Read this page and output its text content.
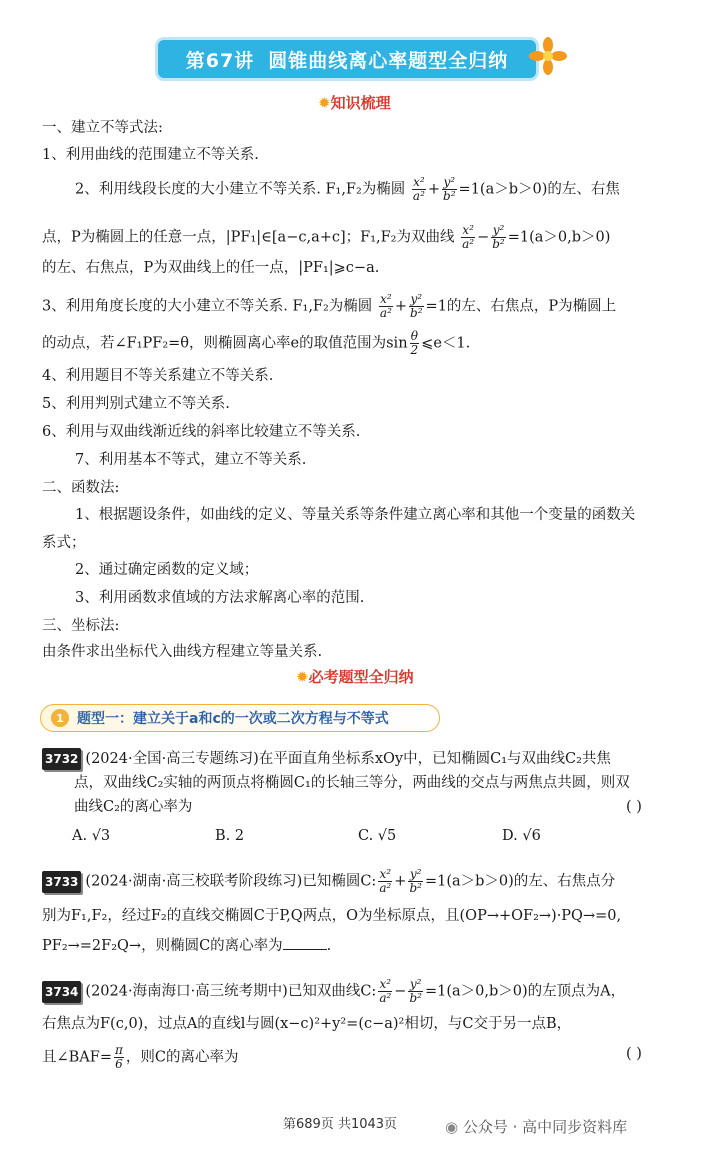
第67讲 圆锥曲线离心率题型全归纳
✹知识梳理
一、建立不等式法:
1、利用曲线的范围建立不等关系.
2、利用线段长度的大小建立不等关系. F₁,F₂为椭圆 $\frac{\text{x²}}{\text{a²}} + \frac{\text{y²}}{\text{b²}} =1(a>b>0)$的左、右焦
点，P为椭圆上的任意一点，|PF₁|∈[a−c,a+c]；F₁,F₂为双曲线 $\frac{\text{x²}}{\text{a²}} - \frac{\text{y²}}{\text{b²}} =1(a>0,b>0)$
的左、右焦点，P为双曲线上的任一点，|PF₁|⩾c−a.
3、利用角度长度的大小建立不等关系. F₁,F₂为椭圆 $\frac{\text{x²}}{\text{a²}} + \frac{\text{y²}}{\text{b²}} =1$的左、右焦点，P为椭圆上
的动点，若∠F₁PF₂=θ，则椭圆离心率e的取值范围为$\sin \frac{\theta}{2}$ ⩽e＜1.
4、利用题目不等关系建立不等关系.
5、利用判别式建立不等关系.
6、利用与双曲线渐近线的斜率比较建立不等关系.
7、利用基本不等式，建立不等关系.
二、函数法:
1、根据题设条件，如曲线的定义、等量关系等条件建立离心率和其他一个变量的函数关
系式；
2、通过确定函数的定义域；
3、利用函数求值域的方法求解离心率的范围.
三、坐标法:
由条件求出坐标代入曲线方程建立等量关系.
✹必考题型全归纳
1 题型一：建立关于a和c的一次或二次方程与不等式
3732 (2024·全国·高三专题练习)在平面直角坐标系xOy中，已知椭圆C₁与双曲线C₂共焦
点，双曲线C₂实轴的两顶点将椭圆C₁的长轴三等分，两曲线的交点与两焦点共圆，则双
曲线C₂的离心率为	( )
A. √3	B. 2	C. √5	D. √6
3733 (2024·湖南·高三校联考阶段练习)已知椭圆C: $\frac{\text{x²}}{\text{a²}} + \frac{\text{y²}}{\text{b²}} =1(a>b>0)$的左、右焦点分
别为F₁,F₂，经过F₂的直线交椭圆C于P,Q两点，O为坐标原点，且(OP→+OF₂→)·PQ→=0,
PF₂→=2F₂Q→，则椭圆C的离心率为	.
3734 (2024·海南海口·高三统考期中)已知双曲线C: $\frac{\text{x²}}{\text{a²}} - \frac{\text{y²}}{\text{b²}} =1(a>0,b>0)$的左顶点为A，
右焦点为F(c,0)，过点A的直线l与圆(x−c)²+y²=(c−a)²相切，与C交于另一点B，
且∠BAF= $\frac{\pi}{6}$ ，则C的离心率为	( )
第689页 共1043页	◉ 公众号 · 高中同步资料库
